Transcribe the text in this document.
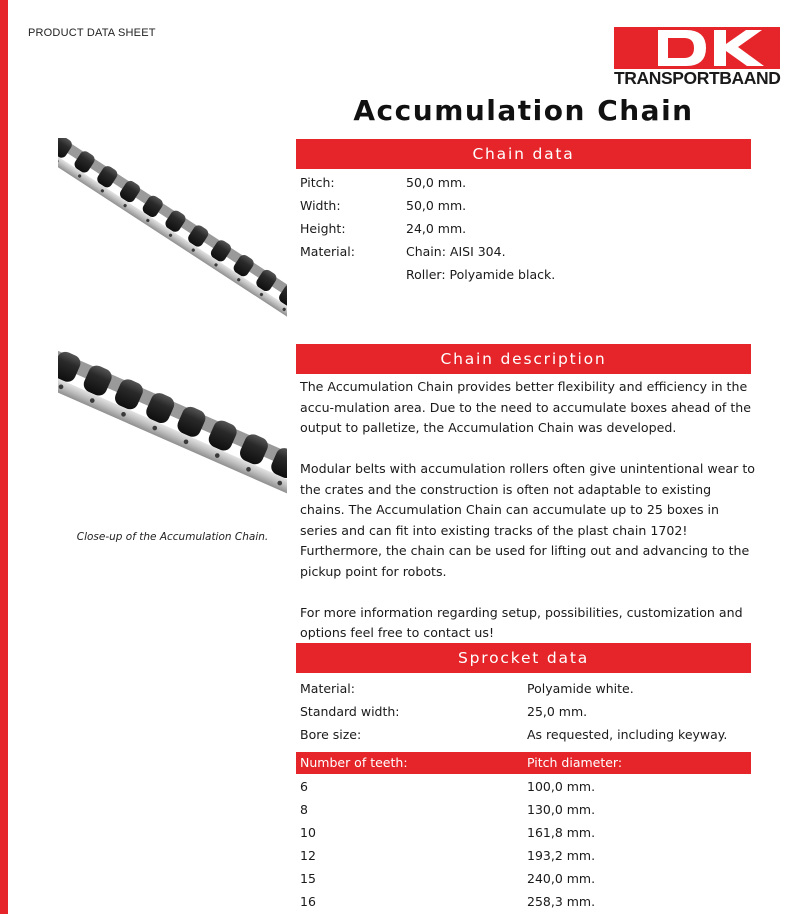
PRODUCT DATA SHEET
TRANSPORTBAAND
Accumulation Chain
Close-up of the Accumulation Chain.
Chain data
Pitch:	50,0 mm.
Width:	50,0 mm.
Height:	24,0 mm.
Material:	Chain: AISI 304.
Roller: Polyamide black.
Chain description

The Accumulation Chain provides better flexibility and efficiency in the accu-mulation area. Due to the need to accumulate boxes ahead of the output to palletize, the Accumulation Chain was developed.

Modular belts with accumulation rollers often give unintentional wear to the crates and the construction is often not adaptable to existing chains. The Accumulation Chain can accumulate up to 25 boxes in series and can fit into existing tracks of the plast chain 1702! Furthermore, the chain can be used for lifting out and advancing to the pickup point for robots.

For more information regarding setup, possibilities, customization and options feel free to contact us!

Sprocket data
Material:	Polyamide white.
Standard width:	25,0 mm.
Bore size:	As requested, including keyway.
Number of teeth:	Pitch diameter:
6	100,0 mm.
8	130,0 mm.
10	161,8 mm.
12	193,2 mm.
15	240,0 mm.
16	258,3 mm.
